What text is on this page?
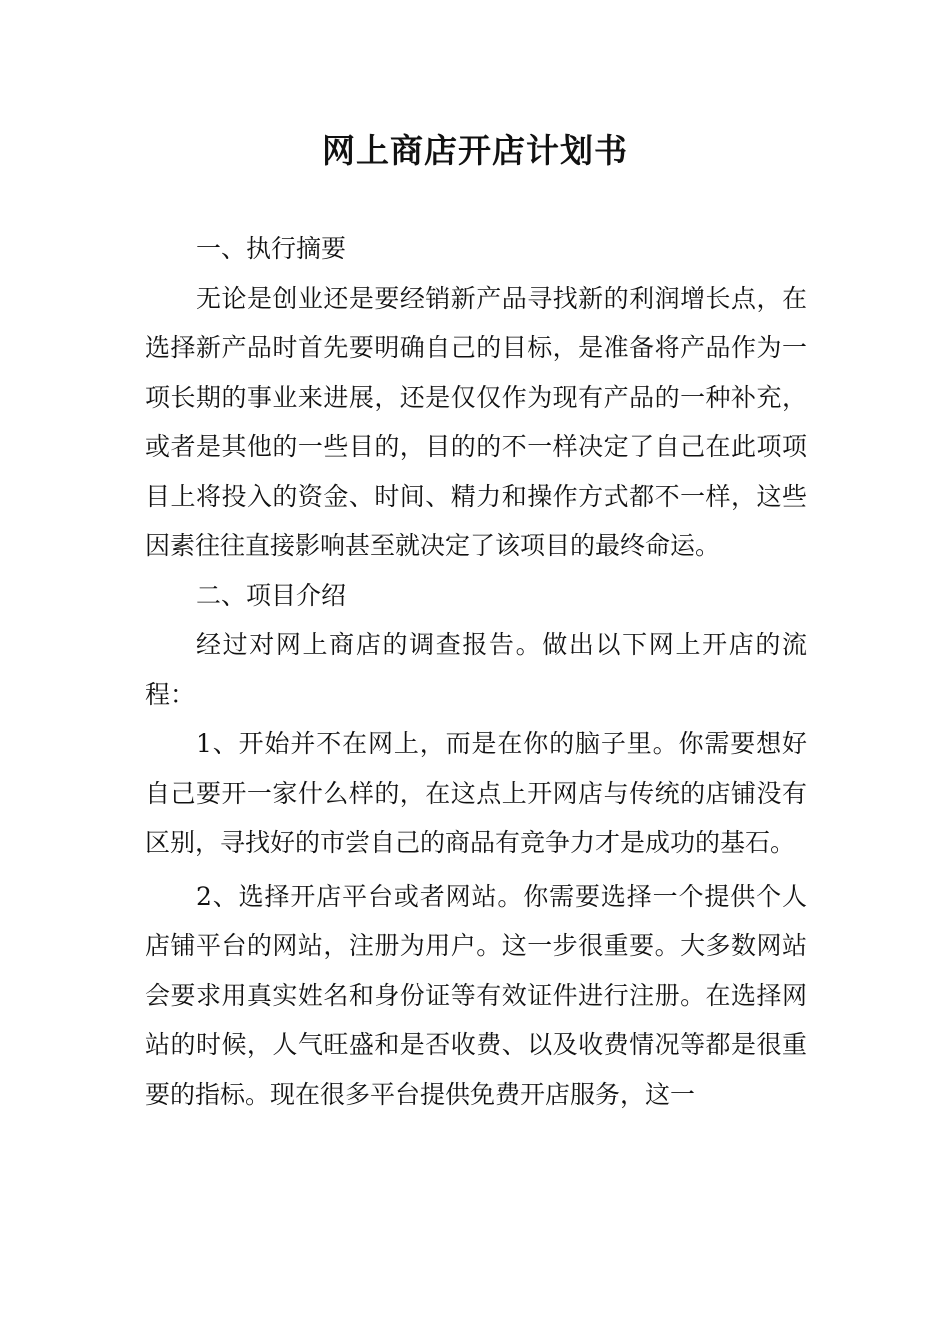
网上商店开店计划书

一、执行摘要

无论是创业还是要经销新产品寻找新的利润增长点，在选择新产品时首先要明确自己的目标，是准备将产品作为一项长期的事业来进展，还是仅仅作为现有产品的一种补充，或者是其他的一些目的，目的的不一样决定了自己在此项项目上将投入的资金、时间、精力和操作方式都不一样，这些因素往往直接影响甚至就决定了该项目的最终命运。

二、项目介绍

经过对网上商店的调查报告。做出以下网上开店的流程：

1、开始并不在网上，而是在你的脑子里。你需要想好自己要开一家什么样的，在这点上开网店与传统的店铺没有区别，寻找好的市尝自己的商品有竞争力才是成功的基石。

2、选择开店平台或者网站。你需要选择一个提供个人店铺平台的网站，注册为用户。这一步很重要。大多数网站会要求用真实姓名和身份证等有效证件进行注册。在选择网站的时候，人气旺盛和是否收费、以及收费情况等都是很重要的指标。现在很多平台提供免费开店服务，这一
